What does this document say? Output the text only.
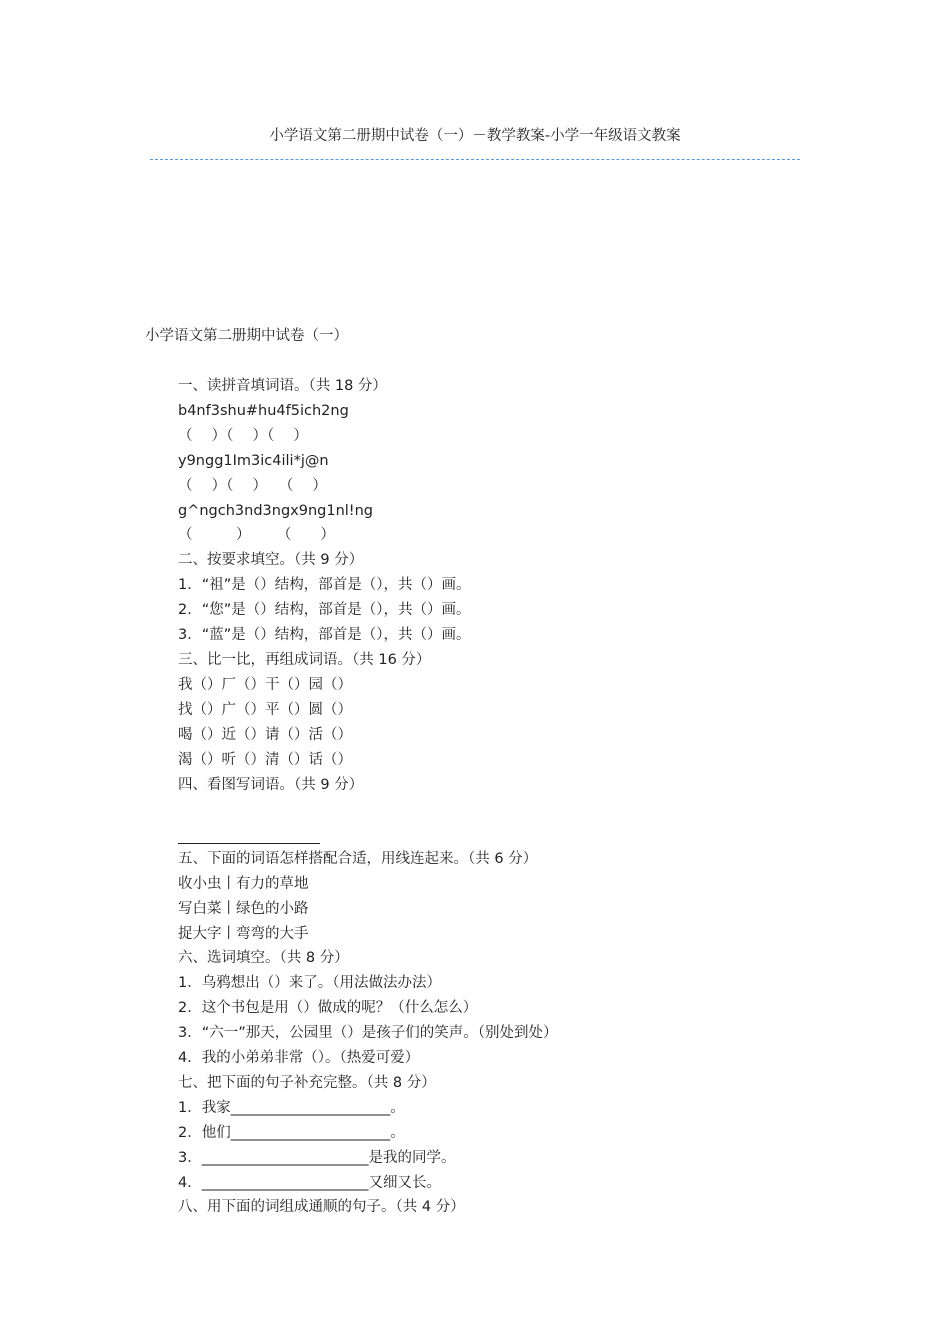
小学语文第二册期中试卷（一）－教学教案-小学一年级语文教案
小学语文第二册期中试卷（一）
一、读拼音填词语。（共 18 分）
b4nf3shu#hu4f5ich2ng
（　 ）（　 ）（　 ）
y9ngg1Im3ic4ili*j@n
（　 ）（　 ）　 （　 ）
g^ngch3nd3ngx9ng1nl!ng
（　　　）　　 （　　）
二、按要求填空。（共 9 分）
1．“祖”是（）结构，部首是（），共（）画。
2．“您”是（）结构，部首是（），共（）画。
3．“蓝”是（）结构，部首是（），共（）画。
三、比一比，再组成词语。（共 16 分）
我（）厂（）干（）园（）
找（）广（）平（）圆（）
喝（）近（）请（）活（）
渴（）听（）清（）话（）
四、看图写词语。（共 9 分）
五、下面的词语怎样搭配合适，用线连起来。（共 6 分）
收小虫丨有力的草地
写白菜丨绿色的小路
捉大字丨弯弯的大手
六、选词填空。（共 8 分）
1．乌鸦想出（）来了。（用法做法办法）
2．这个书包是用（）做成的呢？（什么怎么）
3．“六一”那天，公园里（）是孩子们的笑声。（别处到处）
4．我的小弟弟非常（）。（热爱可爱）
七、把下面的句子补充完整。（共 8 分）
1．我家______________________。
2．他们______________________。
3．_______________________是我的同学。
4．_______________________又细又长。
八、用下面的词组成通顺的句子。（共 4 分）
